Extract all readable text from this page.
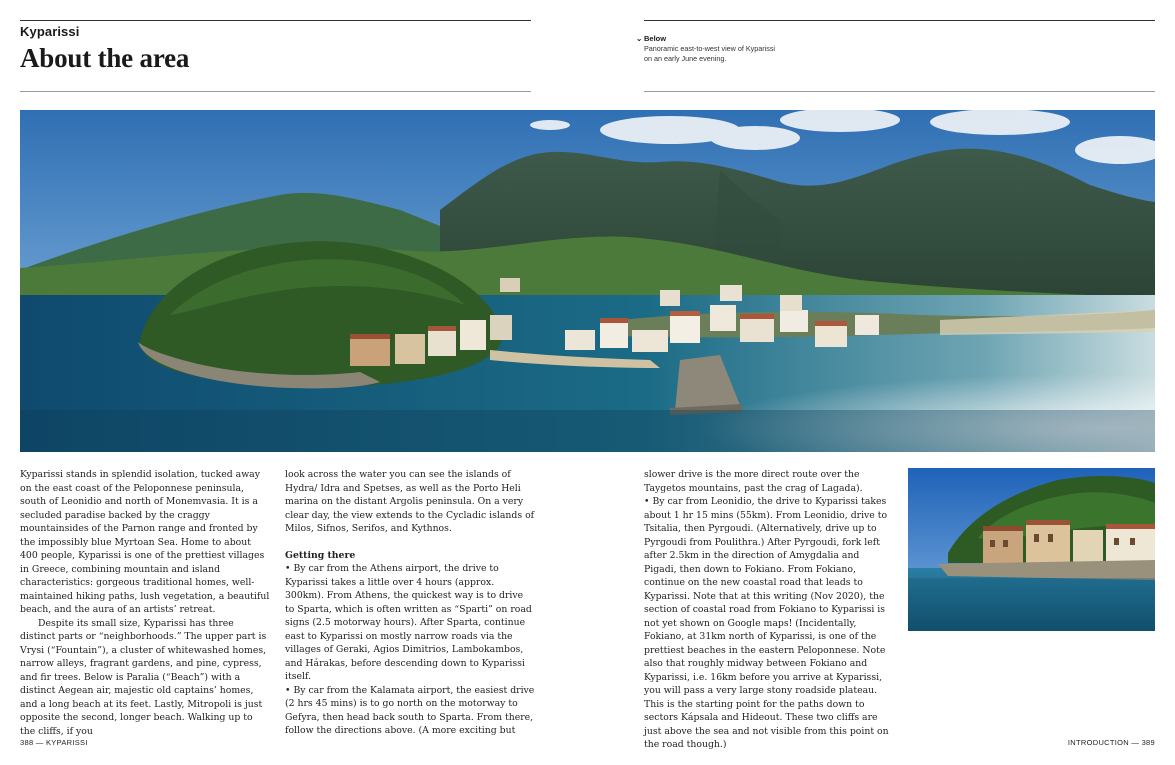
Kyparissi
About the area
⌄ Below
Panoramic east-to-west view of Kyparissi on an early June evening.

Kyparissi stands in splendid isolation, tucked away on the east coast of the Peloponnese peninsula, south of Leonidio and north of Monemvasia. It is a secluded paradise backed by the craggy mountainsides of the Parnon range and fronted by the impossibly blue Myrtoan Sea. Home to about 400 people, Kyparissi is one of the prettiest villages in Greece, combining mountain and island characteristics: gorgeous traditional homes, well-maintained hiking paths, lush vegetation, a beautiful beach, and the aura of an artists’ retreat.

Despite its small size, Kyparissi has three distinct parts or “neighborhoods.” The upper part is Vrysi (“Fountain”), a cluster of whitewashed homes, narrow alleys, fragrant gardens, and pine, cypress, and fir trees. Below is Paralia (“Beach”) with a distinct Aegean air, majestic old captains’ homes, and a long beach at its feet. Lastly, Mitropoli is just opposite the second, longer beach. Walking up to the cliffs, if you

look across the water you can see the islands of Hydra/ Idra and Spetses, as well as the Porto Heli marina on the distant Argolis peninsula. On a very clear day, the view extends to the Cycladic islands of Milos, Sifnos, Serifos, and Kythnos.

Getting there

• By car from the Athens airport, the drive to Kyparissi takes a little over 4 hours (approx. 300km). From Athens, the quickest way is to drive to Sparta, which is often written as “Sparti” on road signs (2.5 motorway hours). After Sparta, continue east to Kyparissi on mostly narrow roads via the villages of Geraki, Agios Dimitrios, Lambokambos, and Hárakas, before descending down to Kyparissi itself.

• By car from the Kalamata airport, the easiest drive (2 hrs 45 mins) is to go north on the motorway to Gefyra, then head back south to Sparta. From there, follow the directions above. (A more exciting but

slower drive is the more direct route over the Taygetos mountains, past the crag of Lagada).

• By car from Leonidio, the drive to Kyparissi takes about 1 hr 15 mins (55km). From Leonidio, drive to Tsitalia, then Pyrgoudi. (Alternatively, drive up to Pyrgoudi from Poulithra.) After Pyrgoudi, fork left after 2.5km in the direction of Amygdalia and Pigadi, then down to Fokiano. From Fokiano, continue on the new coastal road that leads to Kyparissi. Note that at this writing (Nov 2020), the section of coastal road from Fokiano to Kyparissi is not yet shown on Google maps! (Incidentally, Fokiano, at 31km north of Kyparissi, is one of the prettiest beaches in the eastern Peloponnese. Note also that roughly midway between Fokiano and Kyparissi, i.e. 16km before you arrive at Kyparissi, you will pass a very large stony roadside plateau. This is the starting point for the paths down to sectors Kápsala and Hideout. These two cliffs are just above the sea and not visible from this point on the road though.)

388 — KYPARISSI	INTRODUCTION — 389
